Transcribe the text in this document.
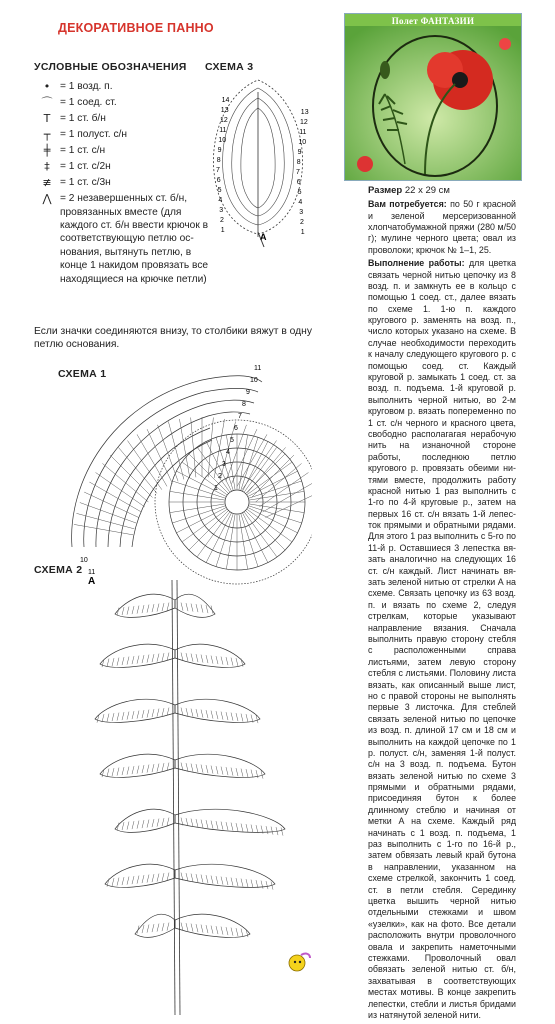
ДЕКОРАТИВНОЕ ПАННО
УСЛОВНЫЕ ОБОЗНАЧЕНИЯ
• = 1 возд. п.
⌒ = 1 соед. ст.
T = 1 ст. б/н
┬ = 1 полуст. с/н
╪ = 1 ст. с/н
‡	= 1 ст. с/2н
≢ = 1 ст. с/3н
⋀ = 2 незавершенных ст. б/н, провязанных вместе (для каждого ст. б/н ввести крючок в соответствующую петлю основания, вытянуть петлю, в конце 1 накидом провязать все находящиеся на крючке петли)
Если значки соединяются внизу, то столбики вяжут в одну петлю основания.
СХЕМА 3
A
14
13
12
11
10
9
8
7
6
5
4
3
2
1
13
12
11
10
9
8
7
6
5
4
3
2
1
СХЕМА 1	11
10
9
8
7
6
5
4
3
2
1
10
11
СХЕМА 2
A
Полет ФАНТАЗИИ

Размер 22 х 29 см

Вам потребуется: по 50 г красной и зеленой мерсеризованной хлопчатобумажной пряжи (280 м/50 г); мулине черного цвета; овал из проволоки; крючок № 1–1, 25.

Выполнение работы: для цветка связать черной нитью цепочку из 8 возд. п. и замкнуть ее в кольцо с помощью 1 соед. ст., далее вязать по схеме 1. 1-ю п. каждого кругового р. заменять на возд. п., число которых указано на схеме. В случае необходимости переходить к началу следующего кругового р. с помощью соед. ст. Каждый круговой р. замыкать 1 соед. ст. за возд. п. подъема. 1-й круговой р. выполнить черной нитью, во 2-м круговом р. вязать попеременно по 1 ст. с/н черного и красного цвета, свободно располагагая нерабочую нить на изнаночной стороне работы, последнюю петлю кругового р. провязать обеими нитями вместе, продолжить работу красной нитью 1 раз выполнить с 1-го по 4-й круговые р., затем на первых 16 ст. с/н вязать 1-й лепесток прямыми и обратными рядами. Для этого 1 раз выполнить с 5-го по 11-й р. Оставшиеся 3 лепестка вязать аналогично на следующих 16 ст. с/н каждый. Лист начинать вязать зеленой нитью от стрелки А на схеме. Связать цепочку из 63 возд. п. и вязать по схеме 2, следуя стрелкам, которые указывают направление вязания. Сначала выполнить правую сторону стебля с расположенными справа листьями, затем левую сторону стебля с листьями. Половину листа вязать, как описанный выше лист, но с правой стороны не выполнять первые 3 листочка. Для стеблей связать зеленой нитью по цепочке из возд. п. длиной 17 см и 18 см и выполнить на каждой цепочке по 1 р. полуст. с/н, заменяя 1-й полуст. с/н на 3 возд. п. подъема. Бутон вязать зеленой нитью по схеме 3 прямыми и обратными рядами, присоединяя бутон к более длинному стеблю и начиная от метки А на схеме. Каждый ряд начинать с 1 возд. п. подъема, 1 раз выполнить с 1-го по 16-й р., затем обвязать левый край бутона в направлении, указанном на схеме стрелкой, закончить 1 соед. ст. в петли стебля. Серединку цветка вышить черной нитью отдельными стежками и швом «узелки», как на фото. Все детали расположить внутри проволочного овала и закрепить наметочными стежками. Проволочный овал обвязать зеленой нитью ст. б/н, захватывая в соответствующих местах мотивы. В конце закрепить лепестки, стебли и листья бридами из натянутой зеленой нити.
